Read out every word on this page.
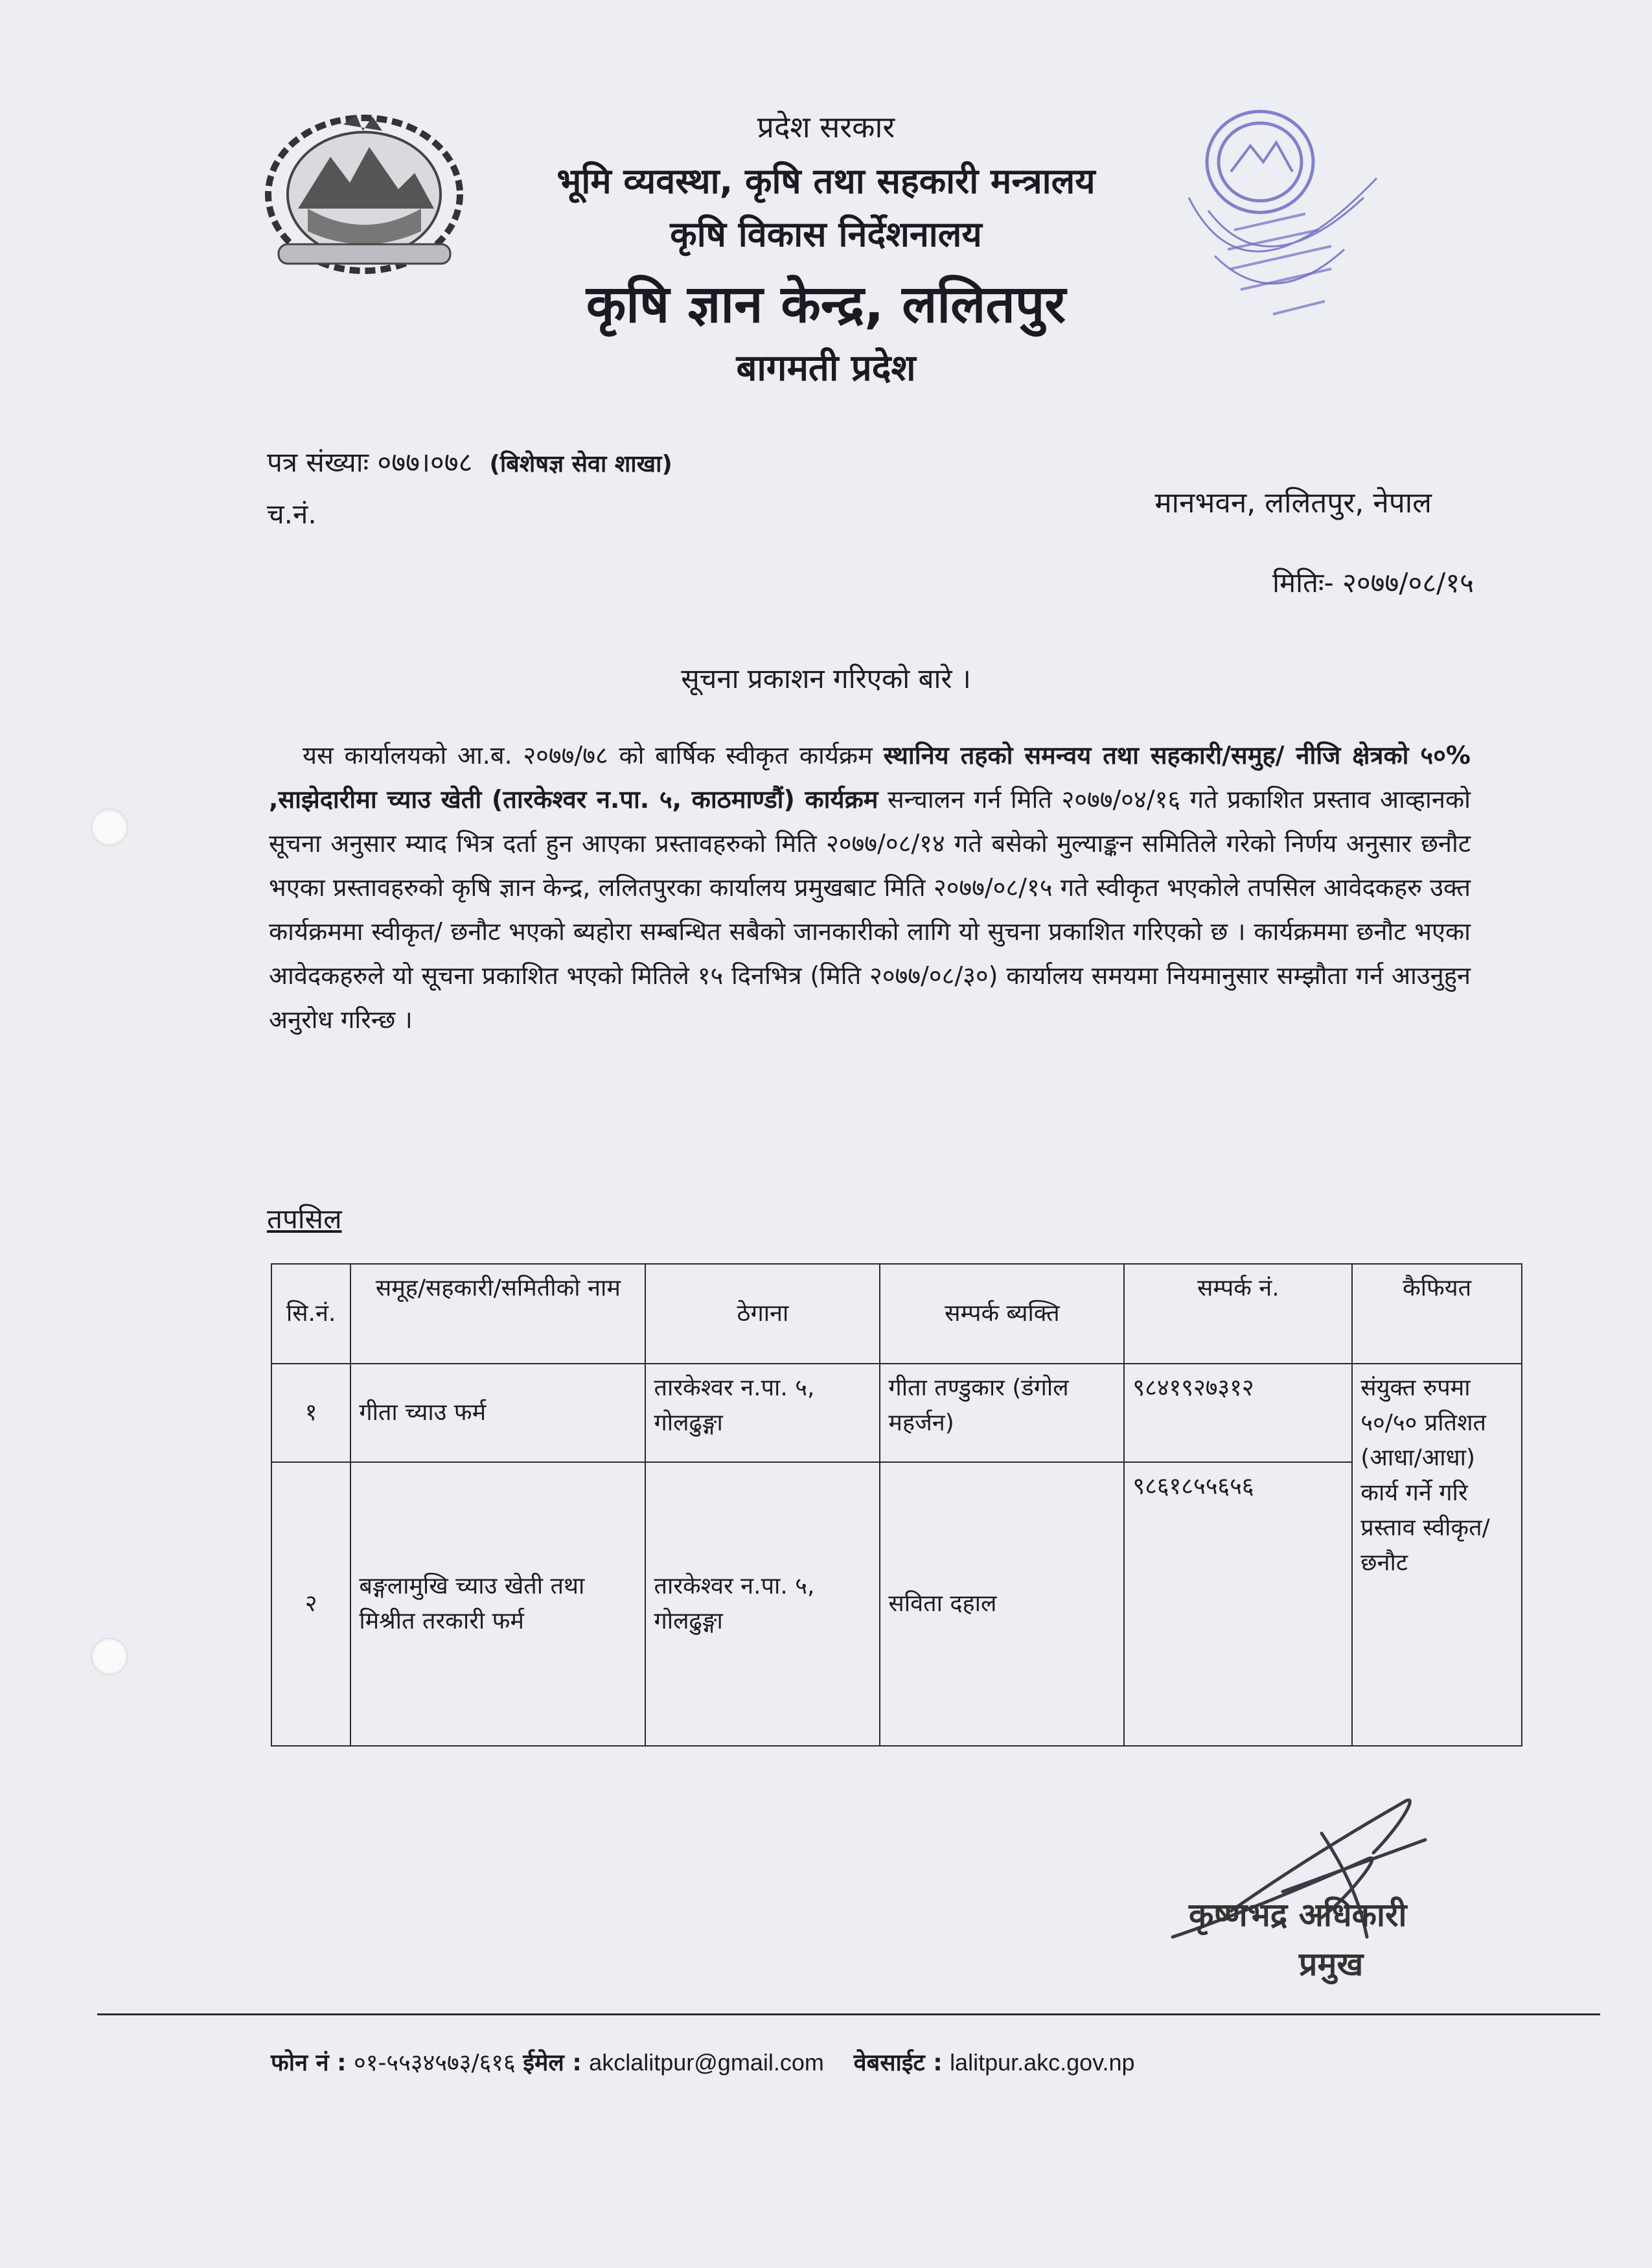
प्रदेश सरकार
भूमि व्यवस्था, कृषि तथा सहकारी मन्त्रालय
कृषि विकास निर्देशनालय
कृषि ज्ञान केन्द्र, ललितपुर
बागमती प्रदेश
पत्र संख्याः ०७७।०७८ (बिशेषज्ञ सेवा शाखा)
च.नं.	मानभवन, ललितपुर, नेपाल
मितिः- २०७७/०८/१५
सूचना प्रकाशन गरिएको बारे ।
यस कार्यालयको आ.ब. २०७७/७८ को बार्षिक स्वीकृत कार्यक्रम स्थानिय तहको समन्वय तथा सहकारी/समुह/ नीजि क्षेत्रको ५०% ,साझेदारीमा च्याउ खेती (तारकेश्वर न.पा. ५, काठमाण्डौं) कार्यक्रम सन्चालन गर्न मिति २०७७/०४/१६ गते प्रकाशित प्रस्ताव आव्हानको सूचना अनुसार म्याद भित्र दर्ता हुन आएका प्रस्तावहरुको मिति २०७७/०८/१४ गते बसेको मुल्याङ्कन समितिले गरेको निर्णय अनुसार छनौट भएका प्रस्तावहरुको कृषि ज्ञान केन्द्र, ललितपुरका कार्यालय प्रमुखबाट मिति २०७७/०८/१५ गते स्वीकृत भएकोले तपसिल आवेदकहरु उक्त कार्यक्रममा स्वीकृत/ छनौट भएको ब्यहोरा सम्बन्धित सबैको जानकारीको लागि यो सुचना प्रकाशित गरिएको छ । कार्यक्रममा छनौट भएका आवेदकहरुले यो सूचना प्रकाशित भएको मितिले १५ दिनभित्र (मिति २०७७/०८/३०) कार्यालय समयमा नियमानुसार सम्झौता गर्न आउनुहुन अनुरोध गरिन्छ ।
तपसिल
सि.नं.	समूह/सहकारी/समितीको नाम	ठेगाना	सम्पर्क ब्यक्ति	सम्पर्क नं.	कैफियत
१	गीता च्याउ फर्म	तारकेश्वर न.पा. ५, गोलढुङ्गा	गीता तण्डुकार (डंगोल महर्जन)	९८४१९२७३१२	संयुक्त रुपमा ५०/५० प्रतिशत (आधा/आधा) कार्य गर्ने गरि प्रस्ताव स्वीकृत/ छनौट
२	बङ्गलामुखि च्याउ खेती तथा मिश्रीत तरकारी फर्म	तारकेश्वर न.पा. ५, गोलढुङ्गा	सविता दहाल	९८६१८५५६५६	
कृष्णभद्र अधिकारी
प्रमुख
फोन नं : ०१-५५३४५७३/६१६ ईमेल : akclalitpur@gmail.com वेबसाईट : lalitpur.akc.gov.np
